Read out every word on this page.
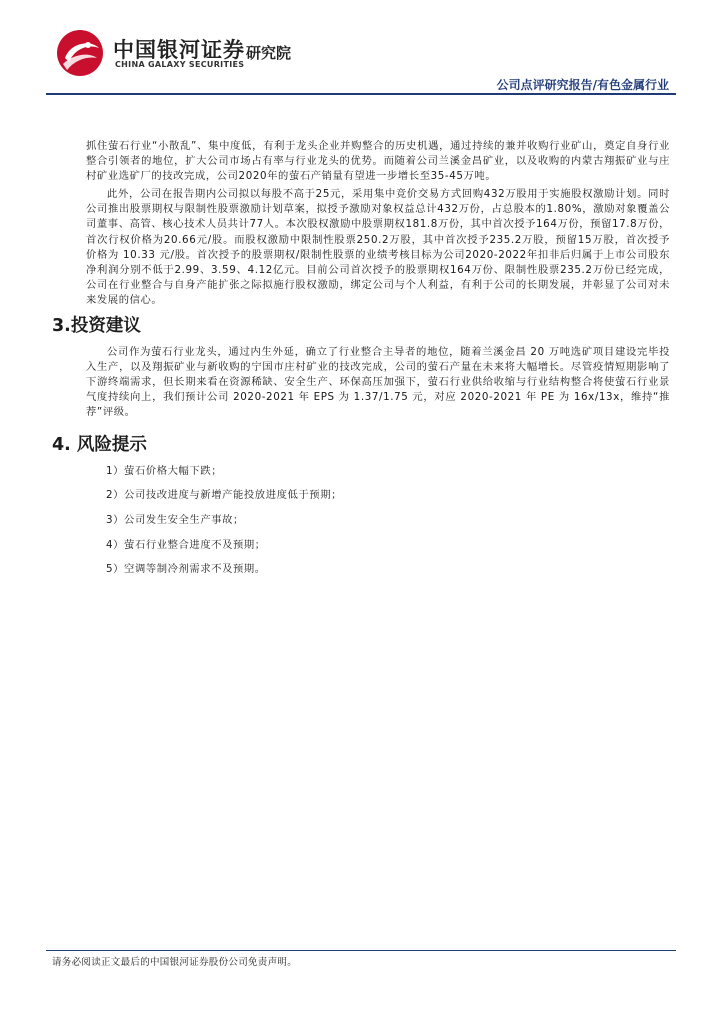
中国银河证券
CHINA GALAXY SECURITIES
研究院
公司点评研究报告/有色金属行业

抓住萤石行业“小散乱”、集中度低，有利于龙头企业并购整合的历史机遇，通过持续的兼并收购行业矿山，奠定自身行业整合引领者的地位，扩大公司市场占有率与行业龙头的优势。而随着公司兰溪金昌矿业，以及收购的内蒙古翔振矿业与庄村矿业选矿厂的技改完成，公司2020年的萤石产销量有望进一步增长至35-45万吨。

此外，公司在报告期内公司拟以每股不高于25元，采用集中竞价交易方式回购432万股用于实施股权激励计划。同时公司推出股票期权与限制性股票激励计划草案，拟授予激励对象权益总计432万份，占总股本的1.80%，激励对象覆盖公司董事、高管、核心技术人员共计77人。本次股权激励中股票期权181.8万份，其中首次授予164万份，预留17.8万份，首次行权价格为20.66元/股。而股权激励中限制性股票250.2万股，其中首次授予235.2万股，预留15万股，首次授予价格为 10.33 元/股。首次授予的股票期权/限制性股票的业绩考核目标为公司2020-2022年扣非后归属于上市公司股东净利润分别不低于2.99、3.59、4.12亿元。目前公司首次授予的股票期权164万份、限制性股票235.2万份已经完成，公司在行业整合与自身产能扩张之际拟施行股权激励，绑定公司与个人利益，有利于公司的长期发展，并彰显了公司对未来发展的信心。

3.投资建议

公司作为萤石行业龙头，通过内生外延，确立了行业整合主导者的地位，随着兰溪金昌 20 万吨选矿项目建设完毕投入生产，以及翔振矿业与新收购的宁国市庄村矿业的技改完成，公司的萤石产量在未来将大幅增长。尽管疫情短期影响了下游终端需求，但长期来看在资源稀缺、安全生产、环保高压加强下，萤石行业供给收缩与行业结构整合将使萤石行业景气度持续向上，我们预计公司 2020-2021 年 EPS 为 1.37/1.75 元，对应 2020-2021 年 PE 为 16x/13x，维持“推荐”评级。

4. 风险提示
1）萤石价格大幅下跌；
2）公司技改进度与新增产能投放进度低于预期；
3）公司发生安全生产事故；
4）萤石行业整合进度不及预期；
5）空调等制冷剂需求不及预期。
请务必阅读正文最后的中国银河证券股份公司免责声明。
